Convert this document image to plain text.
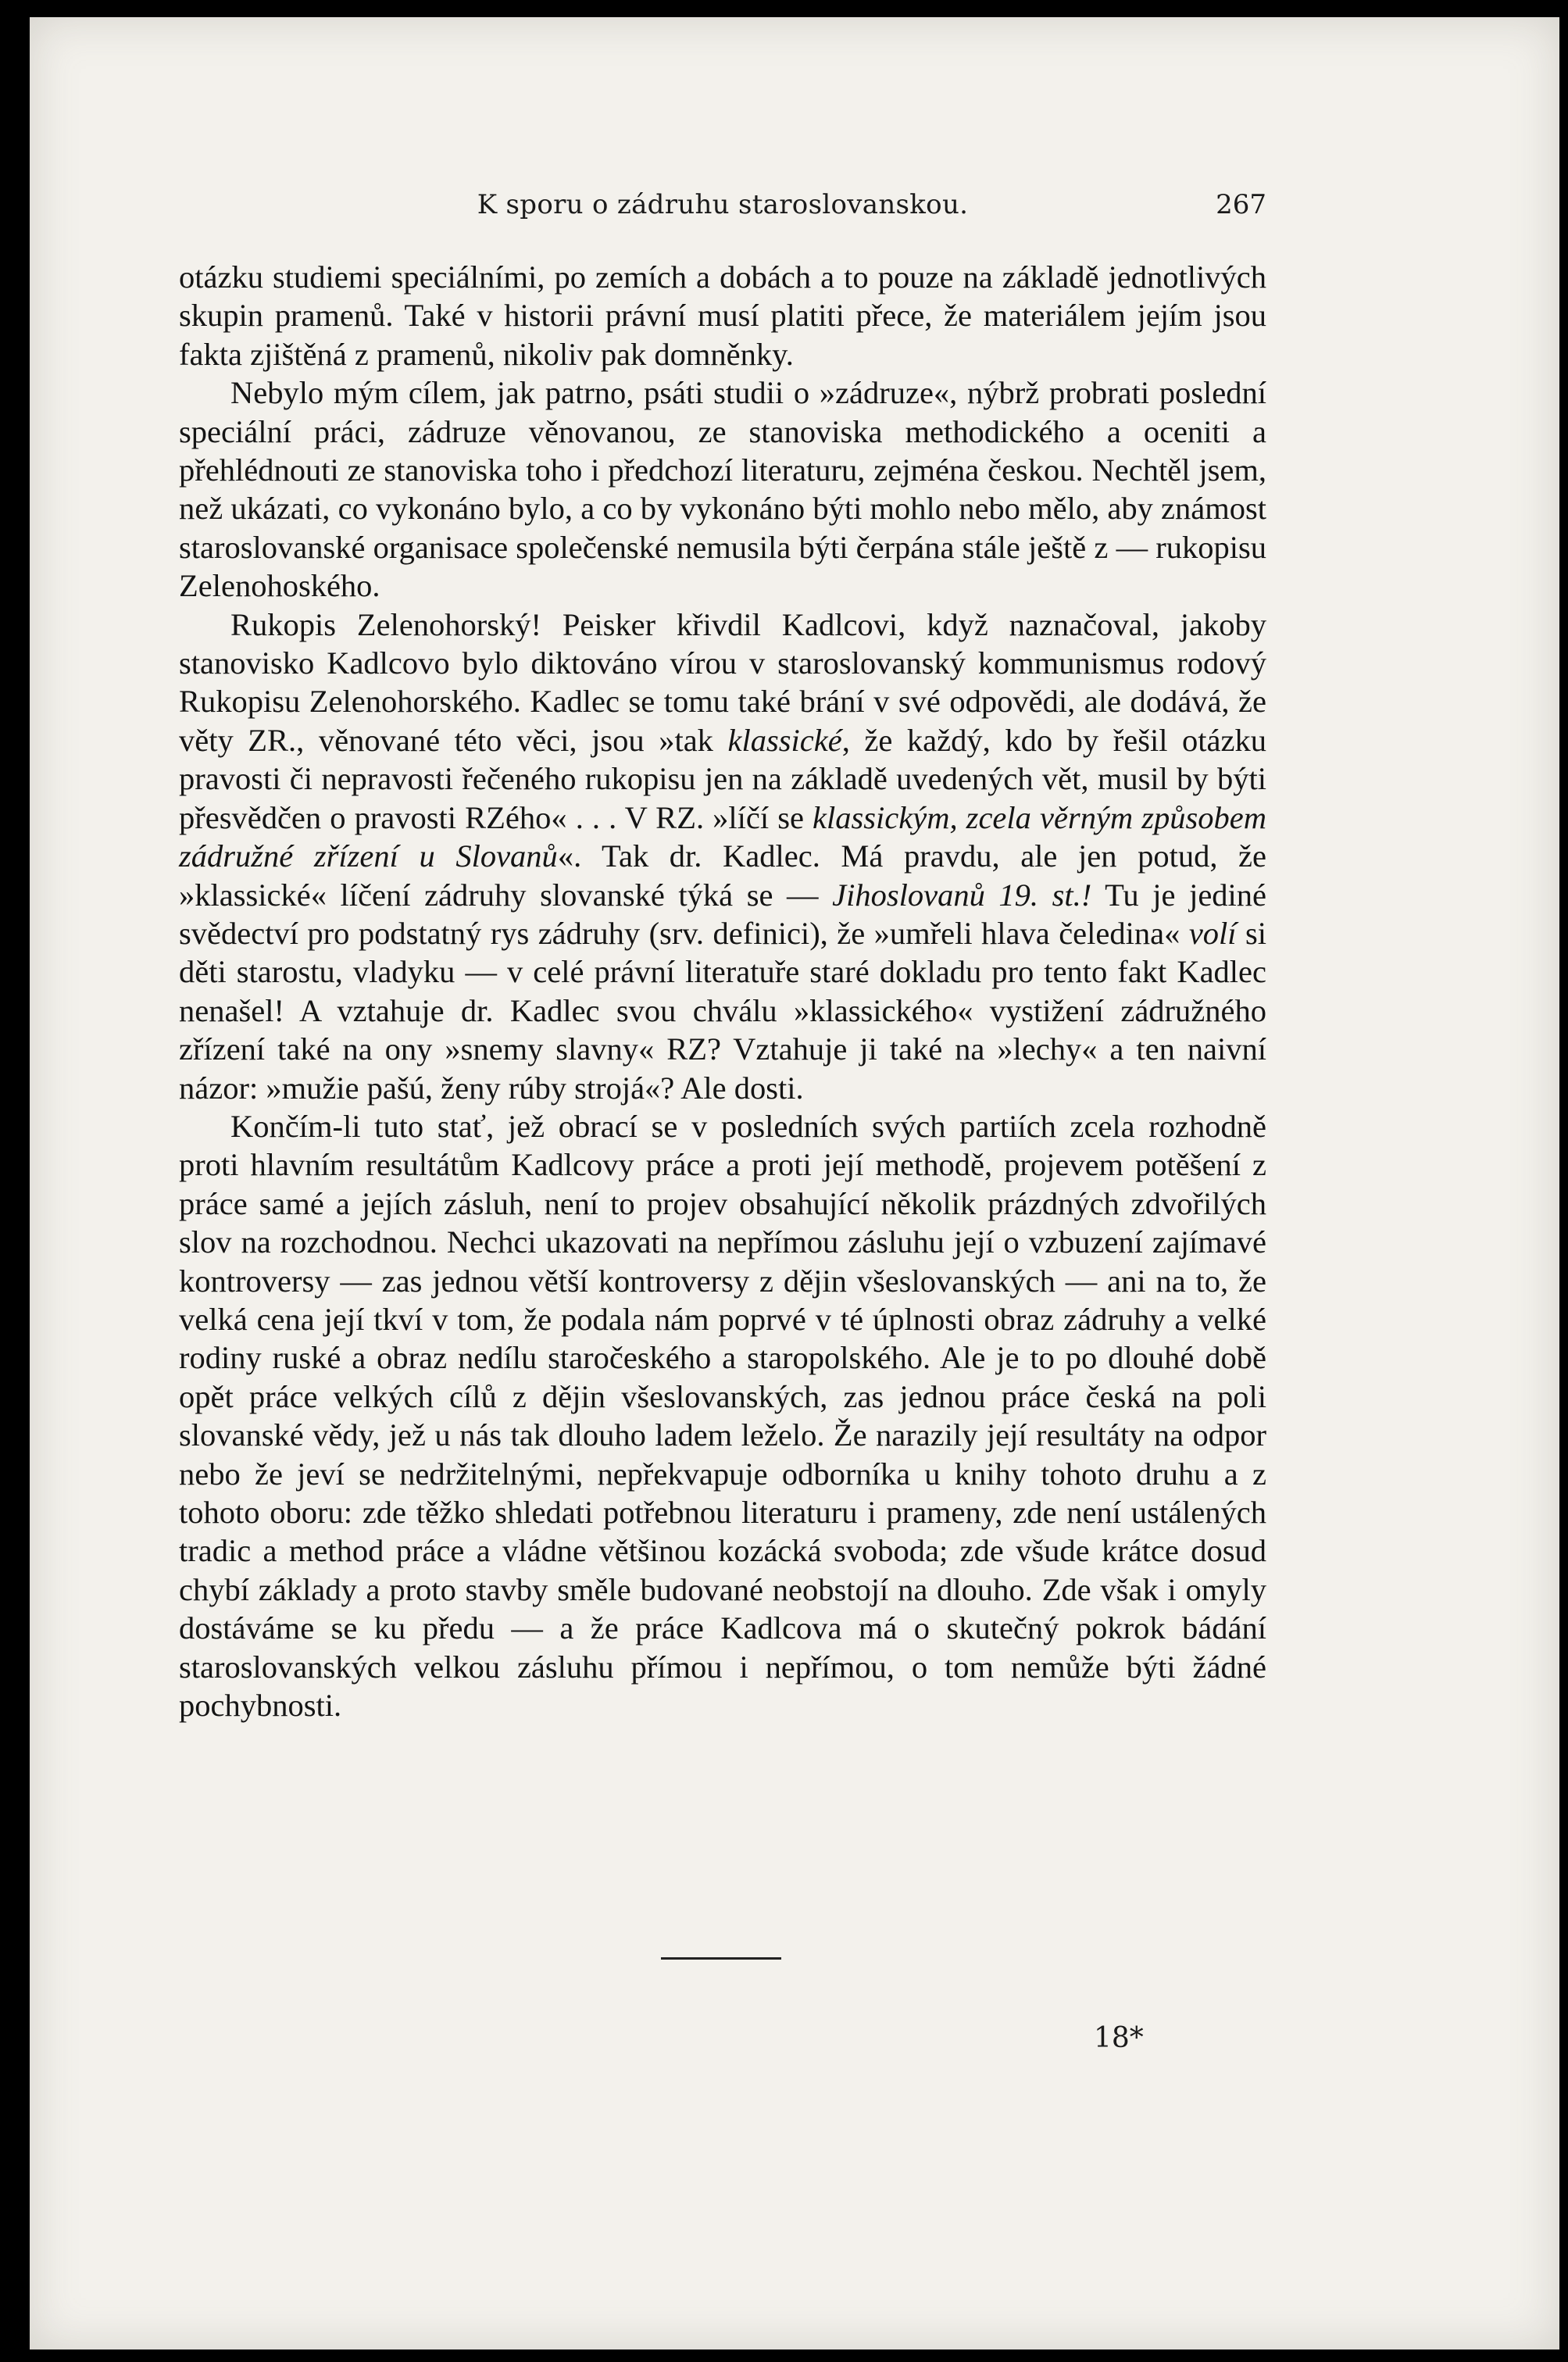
K sporu o zádruhu staroslovanskou.	267

otázku studiemi speciálními, po zemích a dobách a to pouze na základě jednotlivých skupin pramenů. Také v historii právní musí platiti přece, že materiálem jejím jsou fakta zjištěná z pramenů, nikoliv pak domněnky.

Nebylo mým cílem, jak patrno, psáti studii o »zádruze«, nýbrž probrati poslední speciální práci, zádruze věnovanou, ze stanoviska methodického a oceniti a přehlédnouti ze stanoviska toho i předchozí literaturu, zejména českou. Nechtěl jsem, než ukázati, co vykonáno bylo, a co by vykonáno býti mohlo nebo mělo, aby známost staroslovanské organisace společenské nemusila býti čerpána stále ještě z — rukopisu Zelenohoského.

Rukopis Zelenohorský! Peisker křivdil Kadlcovi, když naznačoval, jakoby stanovisko Kadlcovo bylo diktováno vírou v staroslovanský kommunismus rodový Rukopisu Zelenohorského. Kadlec se tomu také brání v své odpovědi, ale dodává, že věty ZR., věnované této věci, jsou »tak klassické, že každý, kdo by řešil otázku pravosti či nepravosti řečeného rukopisu jen na základě uvedených vět, musil by býti přesvědčen o pravosti RZého« . . . V RZ. »líčí se klassickým, zcela věrným způsobem zádružné zřízení u Slovanů«. Tak dr. Kadlec. Má pravdu, ale jen potud, že »klassické« líčení zádruhy slovanské týká se — Jihoslovanů 19. st.! Tu je jediné svědectví pro podstatný rys zádruhy (srv. definici), že »umřeli hlava čeledina« volí si děti starostu, vladyku — v celé právní literatuře staré dokladu pro tento fakt Kadlec nenašel! A vztahuje dr. Kadlec svou chválu »klassického« vystižení zádružného zřízení také na ony »snemy slavny« RZ? Vztahuje ji také na »lechy« a ten naivní názor: »mužie pašú, ženy rúby strojá«? Ale dosti.

Končím-li tuto stať, jež obrací se v posledních svých partiích zcela rozhodně proti hlavním resultátům Kadlcovy práce a proti její methodě, projevem potěšení z práce samé a jejích zásluh, není to projev obsahující několik prázdných zdvořilých slov na rozchodnou. Nechci ukazovati na nepřímou zásluhu její o vzbuzení zajímavé kontroversy — zas jednou větší kontroversy z dějin všeslovanských — ani na to, že velká cena její tkví v tom, že podala nám poprvé v té úplnosti obraz zádruhy a velké rodiny ruské a obraz nedílu staročeského a staropolského. Ale je to po dlouhé době opět práce velkých cílů z dějin všeslovanských, zas jednou práce česká na poli slovanské vědy, jež u nás tak dlouho ladem leželo. Že narazily její resultáty na odpor nebo že jeví se nedržitelnými, nepřekvapuje odborníka u knihy tohoto druhu a z tohoto oboru: zde těžko shledati potřebnou literaturu i prameny, zde není ustálených tradic a method práce a vládne většinou kozácká svoboda; zde všude krátce dosud chybí základy a proto stavby směle budované neobstojí na dlouho. Zde však i omyly dostáváme se ku předu — a že práce Kadlcova má o skutečný pokrok bádání staroslovanských velkou zásluhu přímou i nepřímou, o tom nemůže býti žádné pochybnosti.

18*
